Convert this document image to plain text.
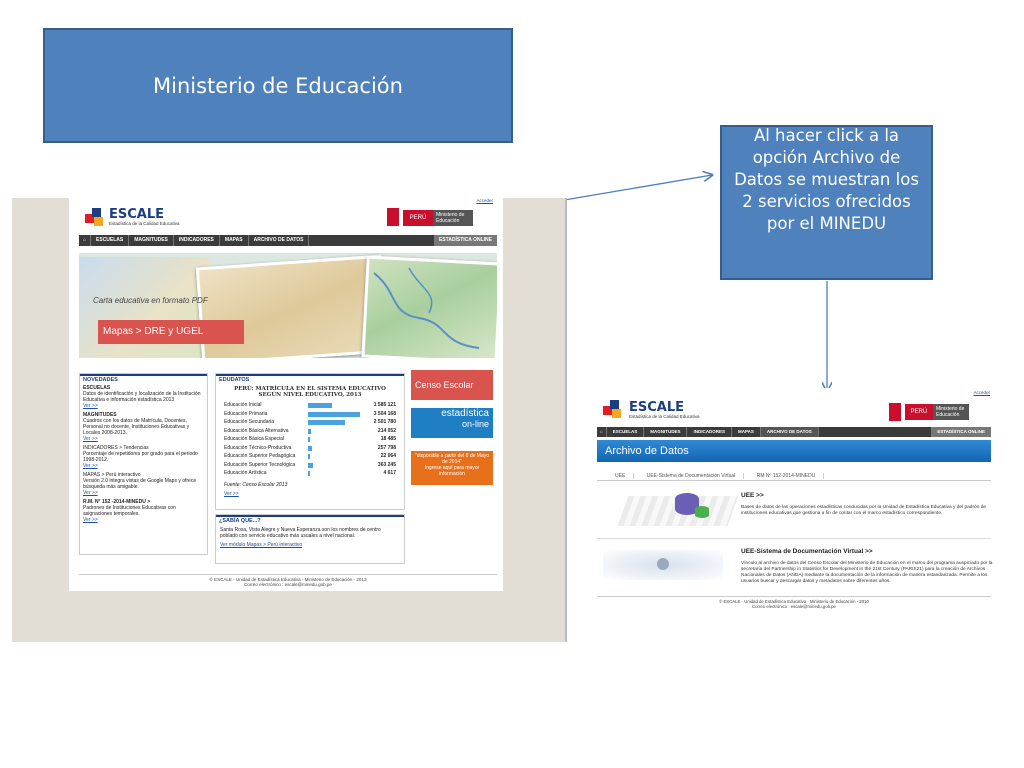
Ministerio de Educación
Al hacer click a la opción Archivo de Datos se muestran los 2 servicios ofrecidos por el MINEDU
Acceder
ESCALE
Estadística de la Calidad Educativa
PERÚ	Ministerio de Educación
⌂	ESCUELAS	MAGNITUDES	INDICADORES	MAPAS	ARCHIVO DE DATOS	ESTADÍSTICA ONLINE
Carta educativa en formato PDF
Mapas > DRE y UGEL
NOVEDADES
ESCUELAS
Datos de identificación y localización de la Institución Educativa e información estadística 2013
Ver >>
MAGNITUDES
Cuadros con los datos de Matrícula, Docentes, Personal no docente, Instituciones Educativas y Locales 2008-2013.
Ver >>
INDICADORES > Tendencias
Porcentaje de repetidores por grado para el periodo 1998-2012.
Ver >>
MAPAS > Perú interactivo
Versión 2.0 integra vistas de Google Maps y ofrece búsqueda más amigable.
Ver >>
R.M. N° 152 -2014-MINEDU >
Padrones de Instituciones Educativas con asignaciones temporales.
Ver >>
EDUDATOS
PERÚ: MATRÍCULA EN EL SISTEMA EDUCATIVO SEGÚN NIVEL EDUCATIVO, 2013
Educación Inicial	1 585 121
Educación Primaria	3 504 168
Educación Secundaria	2 501 780
Educación Básica Alternativa	214 052
Educación Básica Especial	18 485
Educación Técnico-Productiva	257 798
Educación Superior Pedagógica	22 064
Educación Superior Tecnológica	363 245
Educación Artística	4 617
Fuente: Censo Escolar 2013
Ver >>
Censo Escolar
estadística
on-line
"disponible a partir del 8 de Mayo de 2014"
Ingrese aquí para mayor información
¿SABÍA QUE...?
Santa Rosa, Vista Alegre y Nueva Esperanza son los nombres de centro poblado con servicio educativo más usuales a nivel nacional.
Ver módulo Mapas > Perú interactivo
© ESCALE - Unidad de Estadística Educativa - Ministerio de Educación - 2013
Correo electrónico : escale@minedu.gob.pe
Acceder
ESCALE
Estadística de la Calidad Educativa
PERÚ	Ministerio de Educación
⌂	ESCUELAS	MAGNITUDES	INDICADORES	MAPAS	ARCHIVO DE DATOS	ESTADÍSTICA ONLINE
Archivo de Datos
UEE	UEE-Sistema de Documentación Virtual	RM Nº 152-2014-MINEDU
UEE >>
Bases de datos de las operaciones estadísticas conducidas por la Unidad de Estadística Educativa y del padrón de instituciones educativas que gestiona a fin de contar con el marco estadístico correspondiente.
UEE-Sistema de Documentación Virtual >>
Vínculo al archivo de datos del Censo Escolar del Ministerio de Educación en el marco del programa auspiciado por la secretaría del Partnership in Statistics for Development in the 21st Century (PARIS21) para la creación de Archivos Nacionales de Datos (ANDA) mediante la documentación de la información de manera estandarizada. Permite a los usuarios buscar y descargar datos y metadatos sobre diferentes años.
© ESCALE - Unidad de Estadística Educativa - Ministerio de Educación - 2010
Correo electrónico : escale@minedu.gob.pe
